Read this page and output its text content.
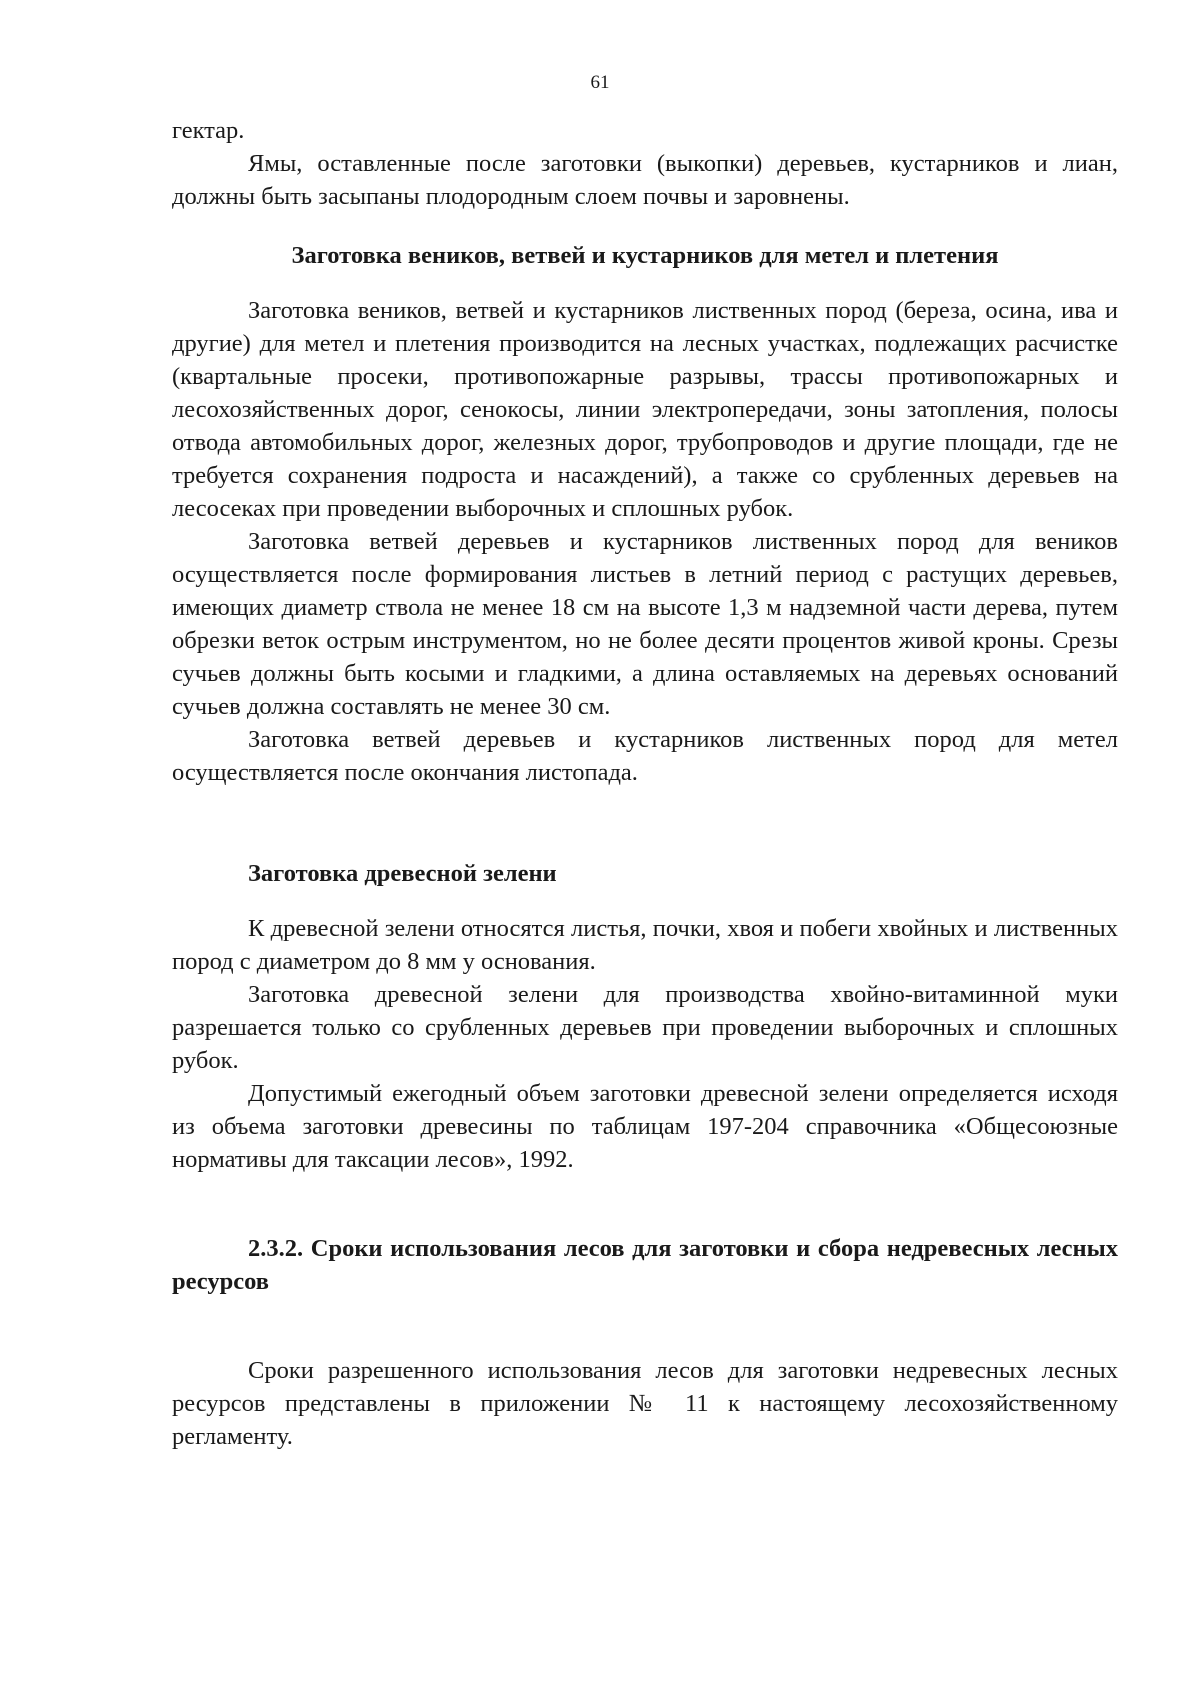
61

гектар.

Ямы, оставленные после заготовки (выкопки) деревьев, кустарников и лиан, должны быть засыпаны плодородным слоем почвы и заровнены.

Заготовка веников, ветвей и кустарников для метел и плетения

Заготовка веников, ветвей и кустарников лиственных пород (береза, осина, ива и другие) для метел и плетения производится на лесных участках, подлежащих расчистке (квартальные просеки, противопожарные разрывы, трассы противопожарных и лесохозяйственных дорог, сенокосы, линии электропередачи, зоны затопления, полосы отвода автомобильных дорог, железных дорог, трубопроводов и другие площади, где не требуется сохранения подроста и насаждений), а также со срубленных деревьев на лесосеках при проведении выборочных и сплошных рубок.

Заготовка ветвей деревьев и кустарников лиственных пород для веников осуществляется после формирования листьев в летний период с растущих деревьев, имеющих диаметр ствола не менее 18 см на высоте 1,3 м надземной части дерева, путем обрезки веток острым инструментом, но не более десяти процентов живой кроны. Срезы сучьев должны быть косыми и гладкими, а длина оставляемых на деревьях оснований сучьев должна составлять не менее 30 см.

Заготовка ветвей деревьев и кустарников лиственных пород для метел осуществляется после окончания листопада.

Заготовка древесной зелени

К древесной зелени относятся листья, почки, хвоя и побеги хвойных и лиственных пород с диаметром до 8 мм у основания.

Заготовка древесной зелени для производства хвойно-витаминной муки разрешается только со срубленных деревьев при проведении выборочных и сплошных рубок.

Допустимый ежегодный объем заготовки древесной зелени определяется исходя из объема заготовки древесины по таблицам 197-204 справочника «Общесоюзные нормативы для таксации лесов», 1992.

2.3.2. Сроки использования лесов для заготовки и сбора недревесных лесных ресурсов

Сроки разрешенного использования лесов для заготовки недревесных лесных ресурсов представлены в приложении № 11 к настоящему лесохозяйственному регламенту.
